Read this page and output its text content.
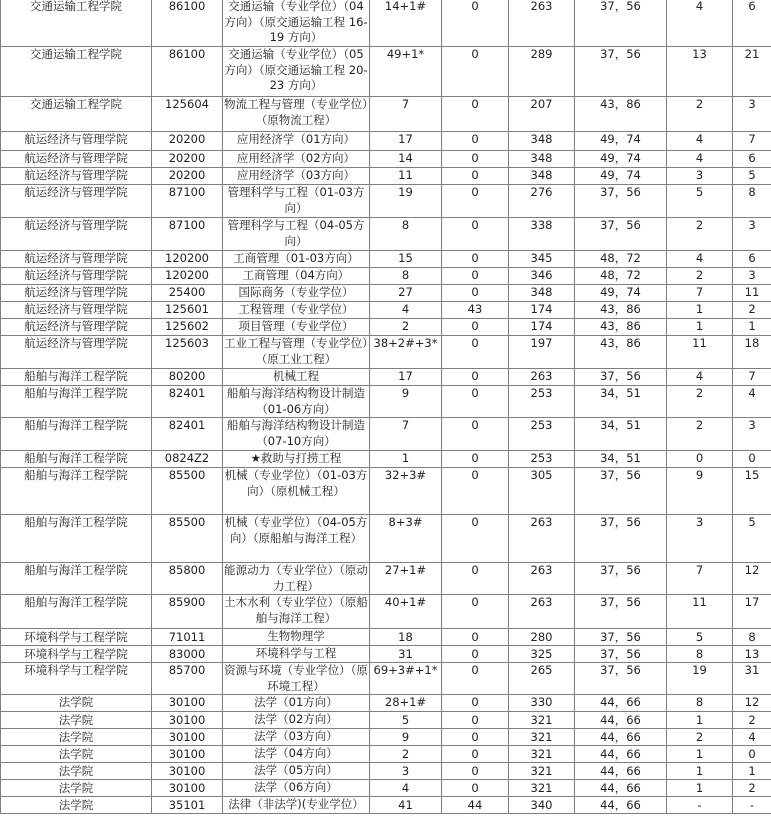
交通运输工程学院	86100	交通运输（专业学位）（04方向）（原交通运输工程 16-19 方向）	14+1#	0	263	37，56	4	6
交通运输工程学院	86100	交通运输（专业学位）（05方向）（原交通运输工程 20-23 方向）	49+1*	0	289	37，56	13	21
交通运输工程学院	125604	物流工程与管理（专业学位）（原物流工程）	7	0	207	43，86	2	3
航运经济与管理学院	20200	应用经济学（01方向）	17	0	348	49，74	4	7
航运经济与管理学院	20200	应用经济学（02方向）	14	0	348	49，74	4	6
航运经济与管理学院	20200	应用经济学（03方向）	11	0	348	49，74	3	5
航运经济与管理学院	87100	管理科学与工程（01-03方向）	19	0	276	37，56	5	8
航运经济与管理学院	87100	管理科学与工程（04-05方向）	8	0	338	37，56	2	3
航运经济与管理学院	120200	工商管理（01-03方向）	15	0	345	48，72	4	6
航运经济与管理学院	120200	工商管理（04方向）	8	0	346	48，72	2	3
航运经济与管理学院	25400	国际商务（专业学位）	27	0	348	49，74	7	11
航运经济与管理学院	125601	工程管理（专业学位）	4	43	174	43，86	1	2
航运经济与管理学院	125602	项目管理（专业学位）	2	0	174	43，86	1	1
航运经济与管理学院	125603	工业工程与管理（专业学位）（原工业工程）	38+2#+3*	0	197	43，86	11	18
船舶与海洋工程学院	80200	机械工程	17	0	263	37，56	4	7
船舶与海洋工程学院	82401	船舶与海洋结构物设计制造（01-06方向）	9	0	253	34，51	2	4
船舶与海洋工程学院	82401	船舶与海洋结构物设计制造（07-10方向）	7	0	253	34，51	2	3
船舶与海洋工程学院	0824Z2	★救助与打捞工程	1	0	253	34，51	0	0
船舶与海洋工程学院	85500	机械（专业学位）（01-03方向）（原机械工程）	32+3#	0	305	37，56	9	15
船舶与海洋工程学院	85500	机械（专业学位）（04-05方向）（原船舶与海洋工程）	8+3#	0	263	37，56	3	5
船舶与海洋工程学院	85800	能源动力（专业学位）（原动力工程）	27+1#	0	263	37，56	7	12
船舶与海洋工程学院	85900	土木水利（专业学位）（原船舶与海洋工程）	40+1#	0	263	37，56	11	17
环境科学与工程学院	71011	生物物理学	18	0	280	37，56	5	8
环境科学与工程学院	83000	环境科学与工程	31	0	325	37，56	8	13
环境科学与工程学院	85700	资源与环境（专业学位）（原环境工程）	69+3#+1*	0	265	37，56	19	31
法学院	30100	法学（01方向）	28+1#	0	330	44，66	8	12
法学院	30100	法学（02方向）	5	0	321	44，66	1	2
法学院	30100	法学（03方向）	9	0	321	44，66	2	4
法学院	30100	法学（04方向）	2	0	321	44，66	1	0
法学院	30100	法学（05方向）	3	0	321	44，66	1	1
法学院	30100	法学（06方向）	4	0	321	44，66	1	2
法学院	35101	法律（非法学)(专业学位）	41	44	340	44，66	-	-
